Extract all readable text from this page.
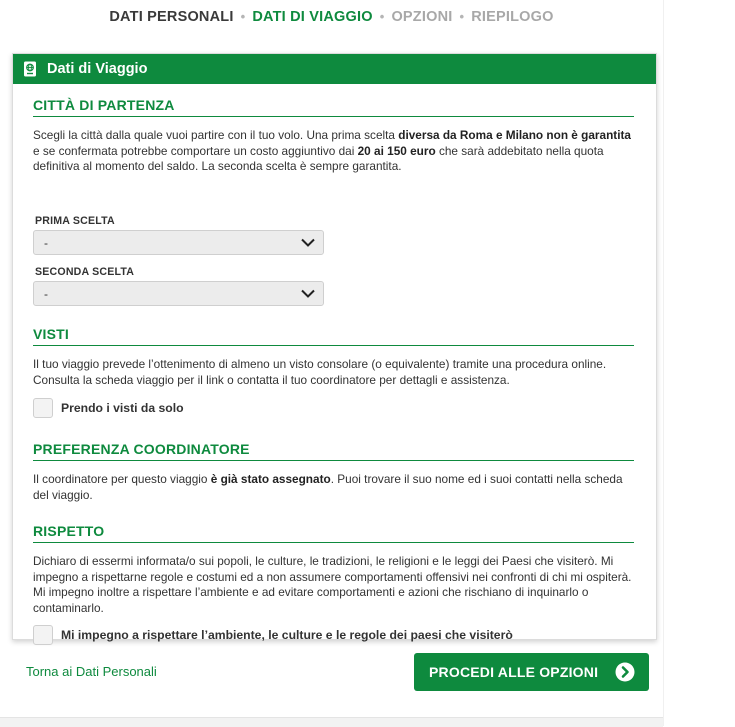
DATI PERSONALI • DATI DI VIAGGIO • OPZIONI • RIEPILOGO
Dati di Viaggio
CITTÀ DI PARTENZA

Scegli la città dalla quale vuoi partire con il tuo volo. Una prima scelta diversa da Roma e Milano non è garantita e se confermata potrebbe comportare un costo aggiuntivo dai 20 ai 150 euro che sarà addebitato nella quota definitiva al momento del saldo. La seconda scelta è sempre garantita.

PRIMA SCELTA
-
SECONDA SCELTA
-
VISTI

Il tuo viaggio prevede l’ottenimento di almeno un visto consolare (o equivalente) tramite una procedura online. Consulta la scheda viaggio per il link o contatta il tuo coordinatore per dettagli e assistenza.

Prendo i visti da solo
PREFERENZA COORDINATORE

Il coordinatore per questo viaggio è già stato assegnato. Puoi trovare il suo nome ed i suoi contatti nella scheda del viaggio.

RISPETTO

Dichiaro di essermi informata/o sui popoli, le culture, le tradizioni, le religioni e le leggi dei Paesi che visiterò. Mi impegno a rispettarne regole e costumi ed a non assumere comportamenti offensivi nei confronti di chi mi ospiterà. Mi impegno inoltre a rispettare l’ambiente e ad evitare comportamenti e azioni che rischiano di inquinarlo o contaminarlo.

Mi impegno a rispettare l’ambiente, le culture e le regole dei paesi che visiterò
Torna ai Dati Personali	PROCEDI ALLE OPZIONI
